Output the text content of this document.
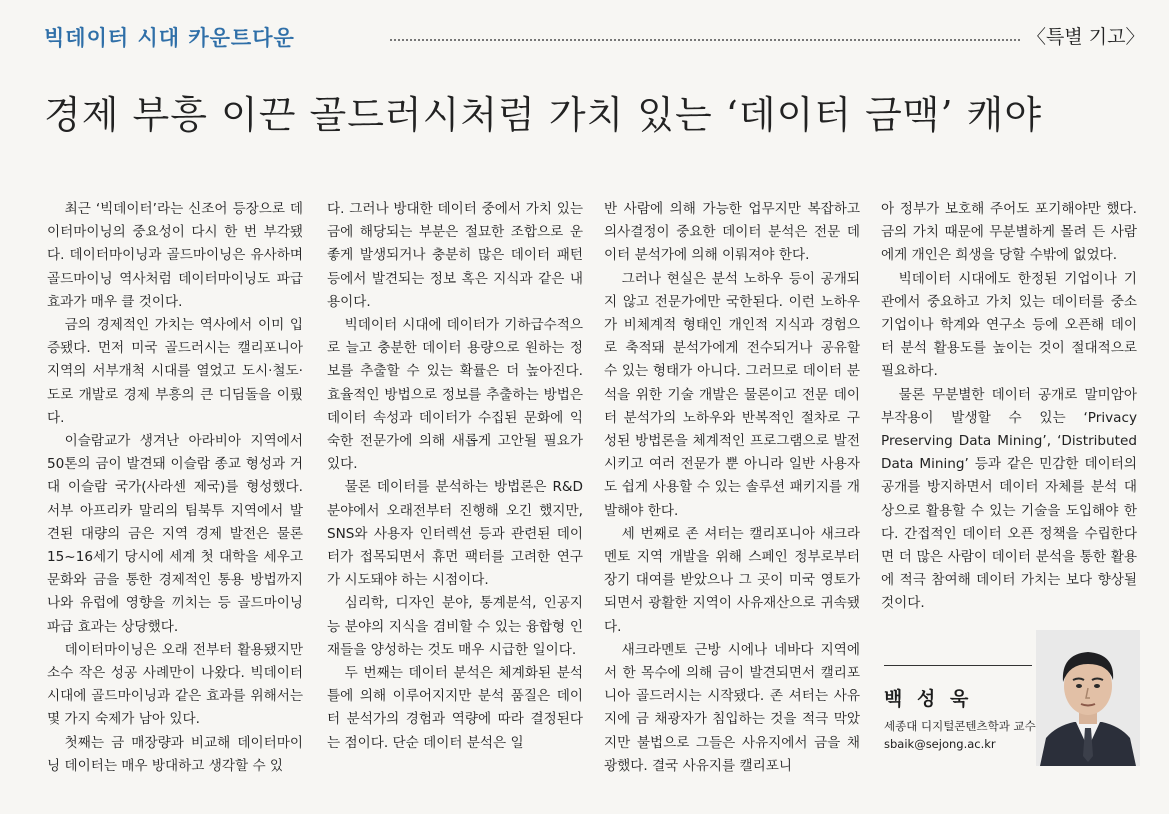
빅데이터 시대 카운트다운	〈특별 기고〉
경제 부흥 이끈 골드러시처럼 가치 있는 ‘데이터 금맥’ 캐야

최근 ‘빅데이터’라는 신조어 등장으로 데이터마이닝의 중요성이 다시 한 번 부각됐다. 데이터마이닝과 골드마이닝은 유사하며 골드마이닝 역사처럼 데이터마이닝도 파급 효과가 매우 클 것이다.

금의 경제적인 가치는 역사에서 이미 입증됐다. 먼저 미국 골드러시는 캘리포니아 지역의 서부개척 시대를 열었고 도시·철도·도로 개발로 경제 부흥의 큰 디딤돌을 이뤘다.

이슬람교가 생겨난 아라비아 지역에서 50톤의 금이 발견돼 이슬람 종교 형성과 거대 이슬람 국가(사라센 제국)를 형성했다. 서부 아프리카 말리의 팀북투 지역에서 발견된 대량의 금은 지역 경제 발전은 물론 15~16세기 당시에 세계 첫 대학을 세우고 문화와 금을 통한 경제적인 통용 방법까지 나와 유럽에 영향을 끼치는 등 골드마이닝 파급 효과는 상당했다.

데이터마이닝은 오래 전부터 활용됐지만 소수 작은 성공 사례만이 나왔다. 빅데이터 시대에 골드마이닝과 같은 효과를 위해서는 몇 가지 숙제가 남아 있다.

첫째는 금 매장량과 비교해 데이터마이닝 데이터는 매우 방대하고 생각할 수 있

다. 그러나 방대한 데이터 중에서 가치 있는 금에 해당되는 부분은 절묘한 조합으로 운 좋게 발생되거나 충분히 많은 데이터 패턴 등에서 발견되는 정보 혹은 지식과 같은 내용이다.

빅데이터 시대에 데이터가 기하급수적으로 늘고 충분한 데이터 용량으로 원하는 정보를 추출할 수 있는 확률은 더 높아진다. 효율적인 방법으로 정보를 추출하는 방법은 데이터 속성과 데이터가 수집된 문화에 익숙한 전문가에 의해 새롭게 고안될 필요가 있다.

물론 데이터를 분석하는 방법론은 R&D분야에서 오래전부터 진행해 오긴 했지만, SNS와 사용자 인터렉션 등과 관련된 데이터가 접목되면서 휴먼 팩터를 고려한 연구가 시도돼야 하는 시점이다.

심리학, 디자인 분야, 통계분석, 인공지능 분야의 지식을 겸비할 수 있는 융합형 인재들을 양성하는 것도 매우 시급한 일이다.

두 번째는 데이터 분석은 체계화된 분석 틀에 의해 이루어지지만 분석 품질은 데이터 분석가의 경험과 역량에 따라 결정된다는 점이다. 단순 데이터 분석은 일

반 사람에 의해 가능한 업무지만 복잡하고 의사결정이 중요한 데이터 분석은 전문 데이터 분석가에 의해 이뤄져야 한다.

그러나 현실은 분석 노하우 등이 공개되지 않고 전문가에만 국한된다. 이런 노하우가 비체계적 형태인 개인적 지식과 경험으로 축적돼 분석가에게 전수되거나 공유할 수 있는 형태가 아니다. 그러므로 데이터 분석을 위한 기술 개발은 물론이고 전문 데이터 분석가의 노하우와 반복적인 절차로 구성된 방법론을 체계적인 프로그램으로 발전시키고 여러 전문가 뿐 아니라 일반 사용자도 쉽게 사용할 수 있는 솔루션 패키지를 개발해야 한다.

세 번째로 존 셔터는 캘리포니아 새크라멘토 지역 개발을 위해 스페인 정부로부터 장기 대여를 받았으나 그 곳이 미국 영토가 되면서 광활한 지역이 사유재산으로 귀속됐다.

새크라멘토 근방 시에나 네바다 지역에서 한 목수에 의해 금이 발견되면서 캘리포니아 골드러시는 시작됐다. 존 셔터는 사유지에 금 채광자가 침입하는 것을 적극 막았지만 불법으로 그들은 사유지에서 금을 채광했다. 결국 사유지를 캘리포니

아 정부가 보호해 주어도 포기해야만 했다. 금의 가치 때문에 무분별하게 몰려 든 사람에게 개인은 희생을 당할 수밖에 없었다.

빅데이터 시대에도 한정된 기업이나 기관에서 중요하고 가치 있는 데이터를 중소기업이나 학계와 연구소 등에 오픈해 데이터 분석 활용도를 높이는 것이 절대적으로 필요하다.

물론 무분별한 데이터 공개로 말미암아 부작용이 발생할 수 있는 ‘Privacy Preserving Data Mining’, ‘Distributed Data Mining’ 등과 같은 민감한 데이터의 공개를 방지하면서 데이터 자체를 분석 대상으로 활용할 수 있는 기술을 도입해야 한다. 간접적인 데이터 오픈 정책을 수립한다면 더 많은 사람이 데이터 분석을 통한 활용에 적극 참여해 데이터 가치는 보다 향상될 것이다.

백 성 욱
세종대 디지털콘텐츠학과 교수
sbaik@sejong.ac.kr
